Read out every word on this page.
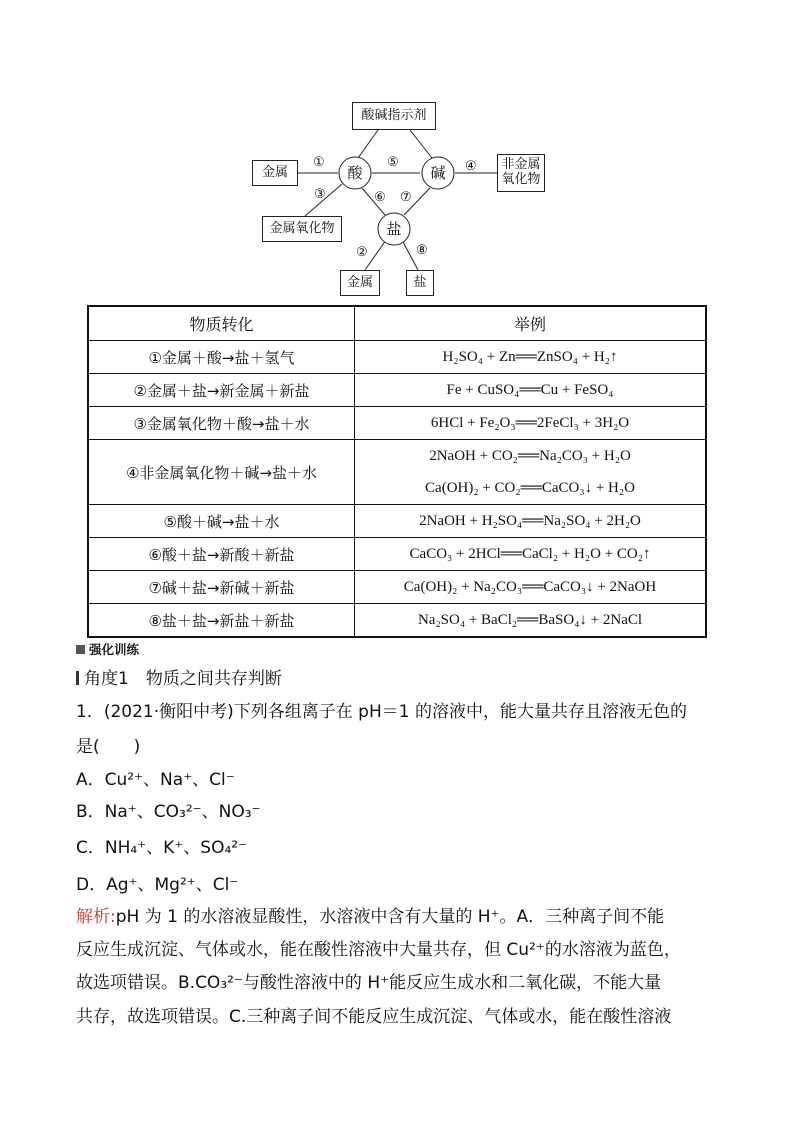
酸碱指示剂
金属	酸	碱	非金属
氧化物
金属氧化物	盐
金属	盐
①	⑤	④
③	⑥ ⑦
②	⑧
物质转化	举例
①金属＋酸→盐＋氢气	H₂SO₄ + Zn══ZnSO₄ + H₂↑
②金属＋盐→新金属＋新盐	Fe + CuSO₄══Cu + FeSO₄
③金属氧化物＋酸→盐＋水	6HCl + Fe₂O₃══2FeCl₃ + 3H₂O
④非金属氧化物＋碱→盐＋水	2NaOH + CO₂══Na₂CO₃ + H₂O
Ca(OH)₂ + CO₂══CaCO₃↓ + H₂O

⑤酸＋碱→盐＋水	2NaOH + H₂SO₄══Na₂SO₄ + 2H₂O
⑥酸＋盐→新酸＋新盐	CaCO₃ + 2HCl══CaCl₂ + H₂O + CO₂↑
⑦碱＋盐→新碱＋新盐	Ca(OH)₂ + Na₂CO₃══CaCO₃↓ + 2NaOH
⑧盐＋盐→新盐＋新盐	Na₂SO₄ + BaCl₂══BaSO₄↓ + 2NaCl
强化训练
角度1　物质之间共存判断
1．(2021·衡阳中考)下列各组离子在 pH＝1 的溶液中，能大量共存且溶液无色的
是(　　)
A．Cu²⁺、Na⁺、Cl⁻
B．Na⁺、CO₃²⁻、NO₃⁻
C．NH₄⁺、K⁺、SO₄²⁻
D．Ag⁺、Mg²⁺、Cl⁻
解析:pH 为 1 的水溶液显酸性，水溶液中含有大量的 H⁺。A．三种离子间不能
反应生成沉淀、气体或水，能在酸性溶液中大量共存，但 Cu²⁺的水溶液为蓝色，
故选项错误。B.CO₃²⁻与酸性溶液中的 H⁺能反应生成水和二氧化碳，不能大量
共存，故选项错误。C.三种离子间不能反应生成沉淀、气体或水，能在酸性溶液
